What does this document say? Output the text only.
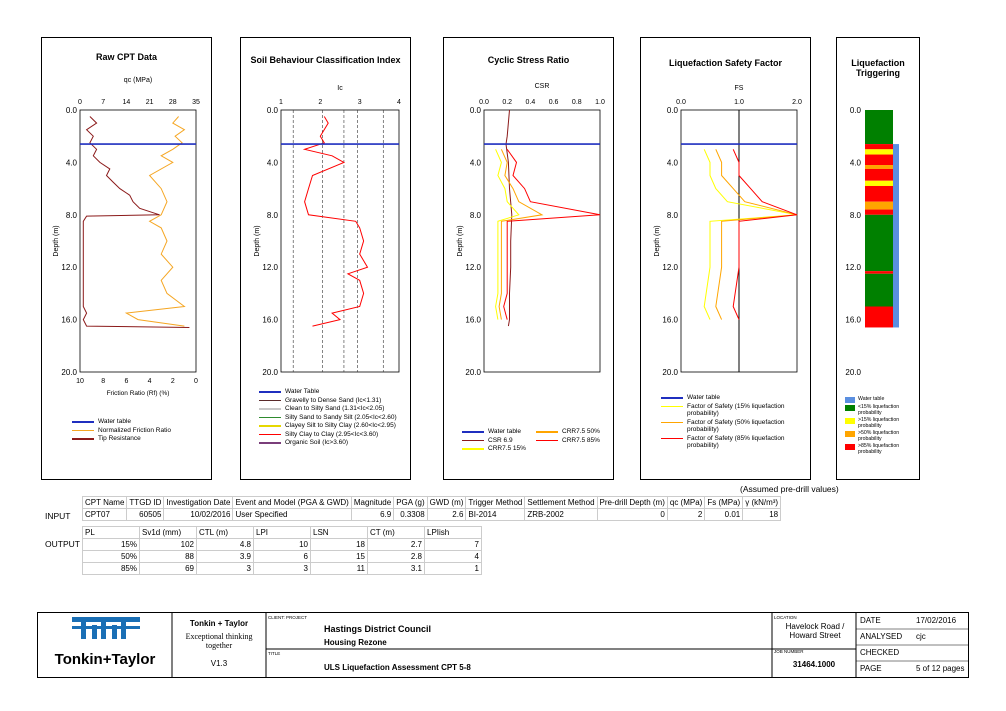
Raw CPT Data
0.0
4.0
8.0
12.0
16.0
20.0
Depth (m)
0	7 14 21 28 35
qc (MPa)
10 8	6	4	2	0
Friction Ratio (Rf) (%)
Water table
Normalized Friction Ratio
Tip Resistance
Soil Behaviour Classification Index
0.0
4.0
8.0
12.0
16.0
20.0
Depth (m)
1	2	3	4
Ic
Water Table
Gravelly to Dense Sand (Ic<1.31)
Clean to Silty Sand (1.31<Ic<2.05)
Silty Sand to Sandy Silt (2.05<Ic<2.60)
Clayey Silt to Silty Clay (2.60<Ic<2.95)
Silty Clay to Clay (2.95<Ic<3.60)
Organic Soil (Ic>3.60)
Cyclic Stress Ratio
0.0
4.0
8.0
12.0
16.0
20.0
Depth (m)
0.0 0.2 0.4 0.6 0.8 1.0
CSR
Water table
CSR 6.9
CRR7.5 15%
CRR7.5 50%
CRR7.5 85%
Liquefaction Safety Factor
0.0
4.0
8.0
12.0
16.0
20.0
Depth (m)
0.0	1.0	2.0
FS
Water table
Factor of Safety (15% liquefaction probability)
Factor of Safety (50% liquefaction probability)
Factor of Safety (85% liquefaction probability)
Liquefaction Triggering
0.0
4.0
8.0
12.0
16.0
20.0
Water table
<15% liquefaction probability
>15% liquefaction probability
>50% liquefaction probability
>85% liquefaction probability
(Assumed pre-drill values)
INPUT
CPT Name	TTGD ID	Investigation Date	Event and Model (PGA & GWD)	Magnitude	PGA (g)	GWD (m)	Trigger Method	Settlement Method	Pre-drill Depth (m)	qc (MPa)	Fs (MPa)	γ (kN/m³)
CPT07	60505	10/02/2016	User Specified	6.9	0.3308	2.6	BI-2014	ZRB-2002	0	2	0.01	18
OUTPUT
PL	Sv1d (mm)	CTL (m)	LPI	LSN	CT (m)	LPIish
15%	102	4.8	10	18	2.7	7
50%	88	3.9	6	15	2.8	4
85%	69	3	3	11	3.1	1
Tonkin+Taylor
Tonkin + Taylor
Exceptional thinking together
V1.3
CLIENT: PROJECT
Hastings District Council
Housing Rezone
TITLE
ULS Liquefaction Assessment CPT 5-8
LOCATION
Havelock Road / Howard Street
JOB NUMBER
31464.1000
DATE	17/02/2016
ANALYSED cjc
CHECKED
PAGE	5 of 12 pages
